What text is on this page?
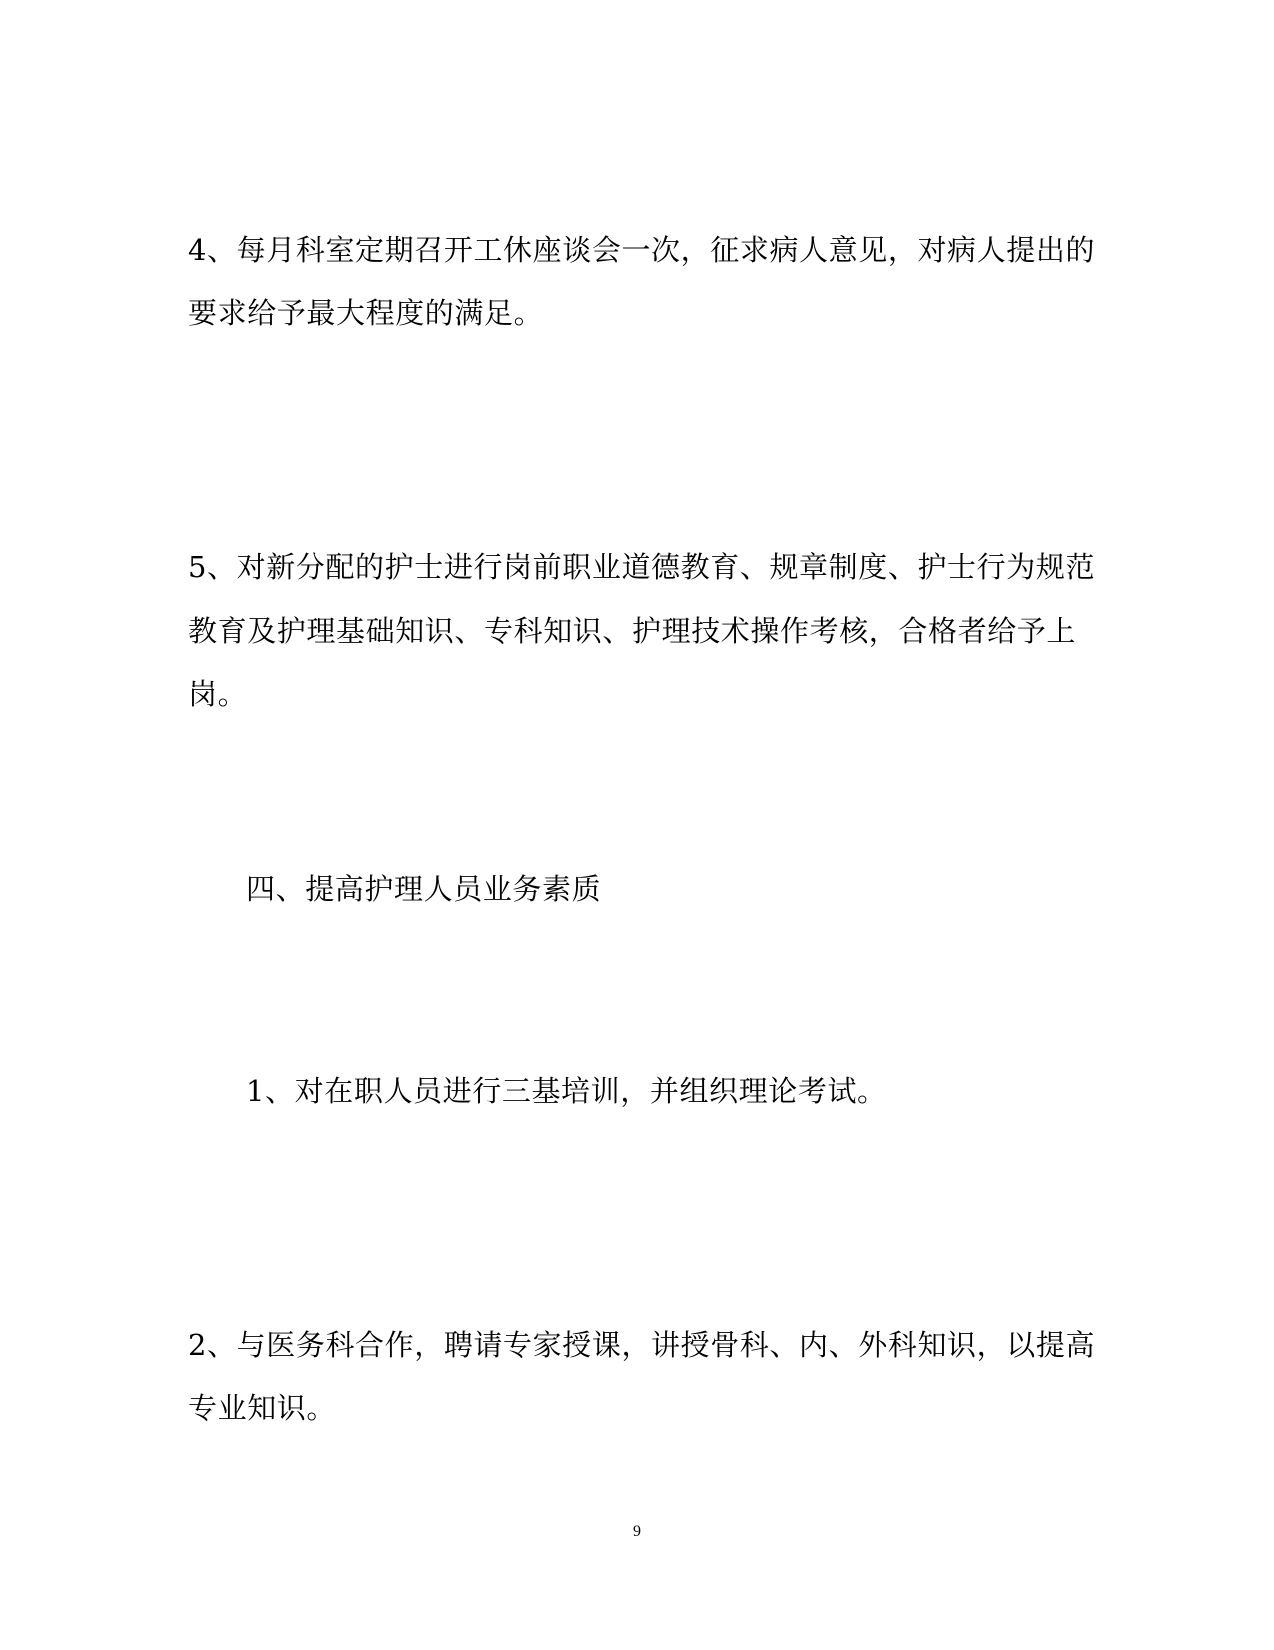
4、每月科室定期召开工休座谈会一次，征求病人意见，对病人提出的
要求给予最大程度的满足。
5、对新分配的护士进行岗前职业道德教育、规章制度、护士行为规范
教育及护理基础知识、专科知识、护理技术操作考核，合格者给予上
岗。
四、提高护理人员业务素质
1、对在职人员进行三基培训，并组织理论考试。
2、与医务科合作，聘请专家授课，讲授骨科、内、外科知识，以提高
专业知识。
9
